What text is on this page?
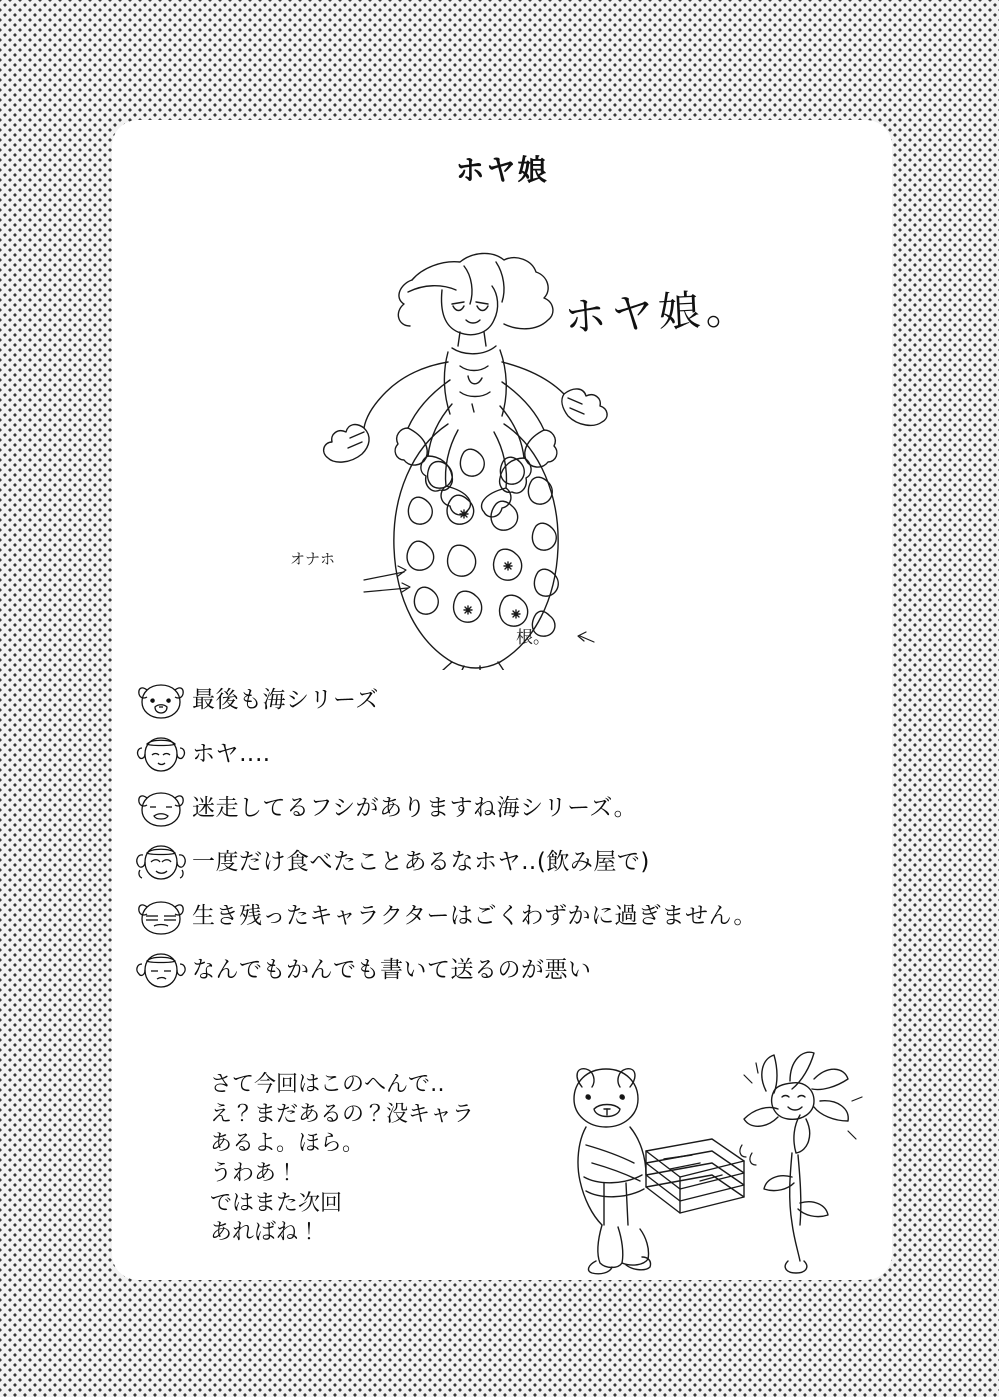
ホヤ娘
ホヤ娘。
オナホ
根。
最後も海シリーズ
ホヤ‥‥
迷走してるフシがありますね海シリーズ。
一度だけ食べたことあるなホヤ‥(飲み屋で)
生き残ったキャラクターはごくわずかに過ぎません。
なんでもかんでも書いて送るのが悪い
さて今回はこのへんで‥
え？まだあるの？没キャラ
あるよ。ほら。
うわあ！
ではまた次回
あればね！
